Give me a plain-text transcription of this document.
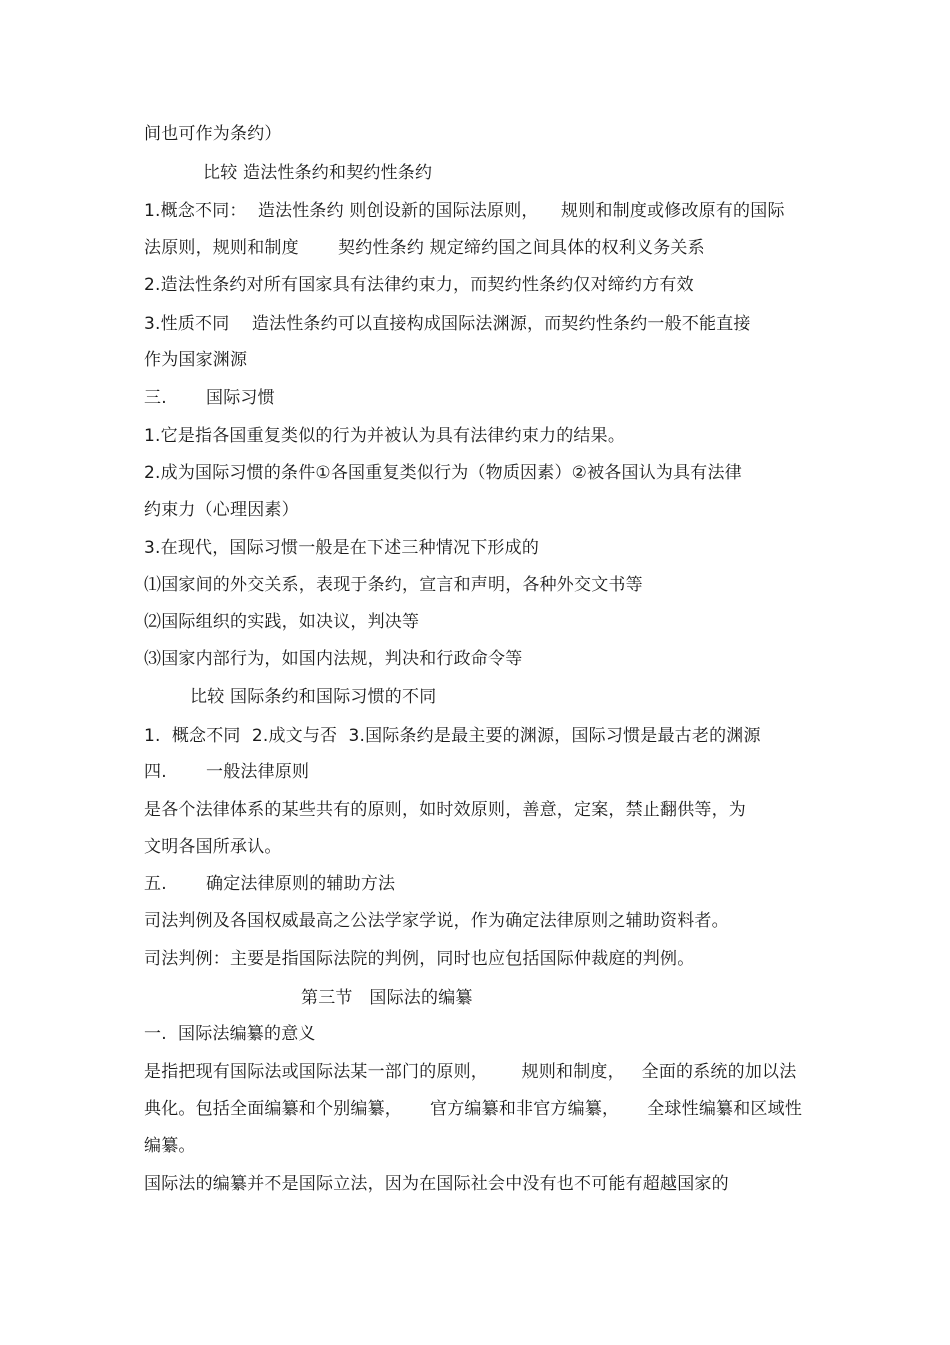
间也可作为条约）
比较 造法性条约和契约性条约
1.概念不同：  造法性条约 则创设新的国际法原则，    规则和制度或修改原有的国际
法原则，规则和制度       契约性条约 规定缔约国之间具体的权利义务关系
2.造法性条约对所有国家具有法律约束力，而契约性条约仅对缔约方有效
3.性质不同    造法性条约可以直接构成国际法渊源，而契约性条约一般不能直接
作为国家渊源
三.       国际习惯
1.它是指各国重复类似的行为并被认为具有法律约束力的结果。
2.成为国际习惯的条件①各国重复类似行为（物质因素）②被各国认为具有法律
约束力（心理因素）
3.在现代，国际习惯一般是在下述三种情况下形成的
⑴国家间的外交关系，表现于条约，宣言和声明，各种外交文书等
⑵国际组织的实践，如决议，判决等
⑶国家内部行为，如国内法规，判决和行政命令等
比较 国际条约和国际习惯的不同
1.  概念不同  2.成文与否  3.国际条约是最主要的渊源，国际习惯是最古老的渊源
四.       一般法律原则
是各个法律体系的某些共有的原则，如时效原则，善意，定案，禁止翻供等，为
文明各国所承认。
五.       确定法律原则的辅助方法
司法判例及各国权威最高之公法学家学说，作为确定法律原则之辅助资料者。
司法判例：主要是指国际法院的判例，同时也应包括国际仲裁庭的判例。
第三节   国际法的编纂
一.  国际法编纂的意义
是指把现有国际法或国际法某一部门的原则，      规则和制度，   全面的系统的加以法
典化。包括全面编纂和个别编纂，     官方编纂和非官方编纂，     全球性编纂和区域性
编纂。
国际法的编纂并不是国际立法，因为在国际社会中没有也不可能有超越国家的
